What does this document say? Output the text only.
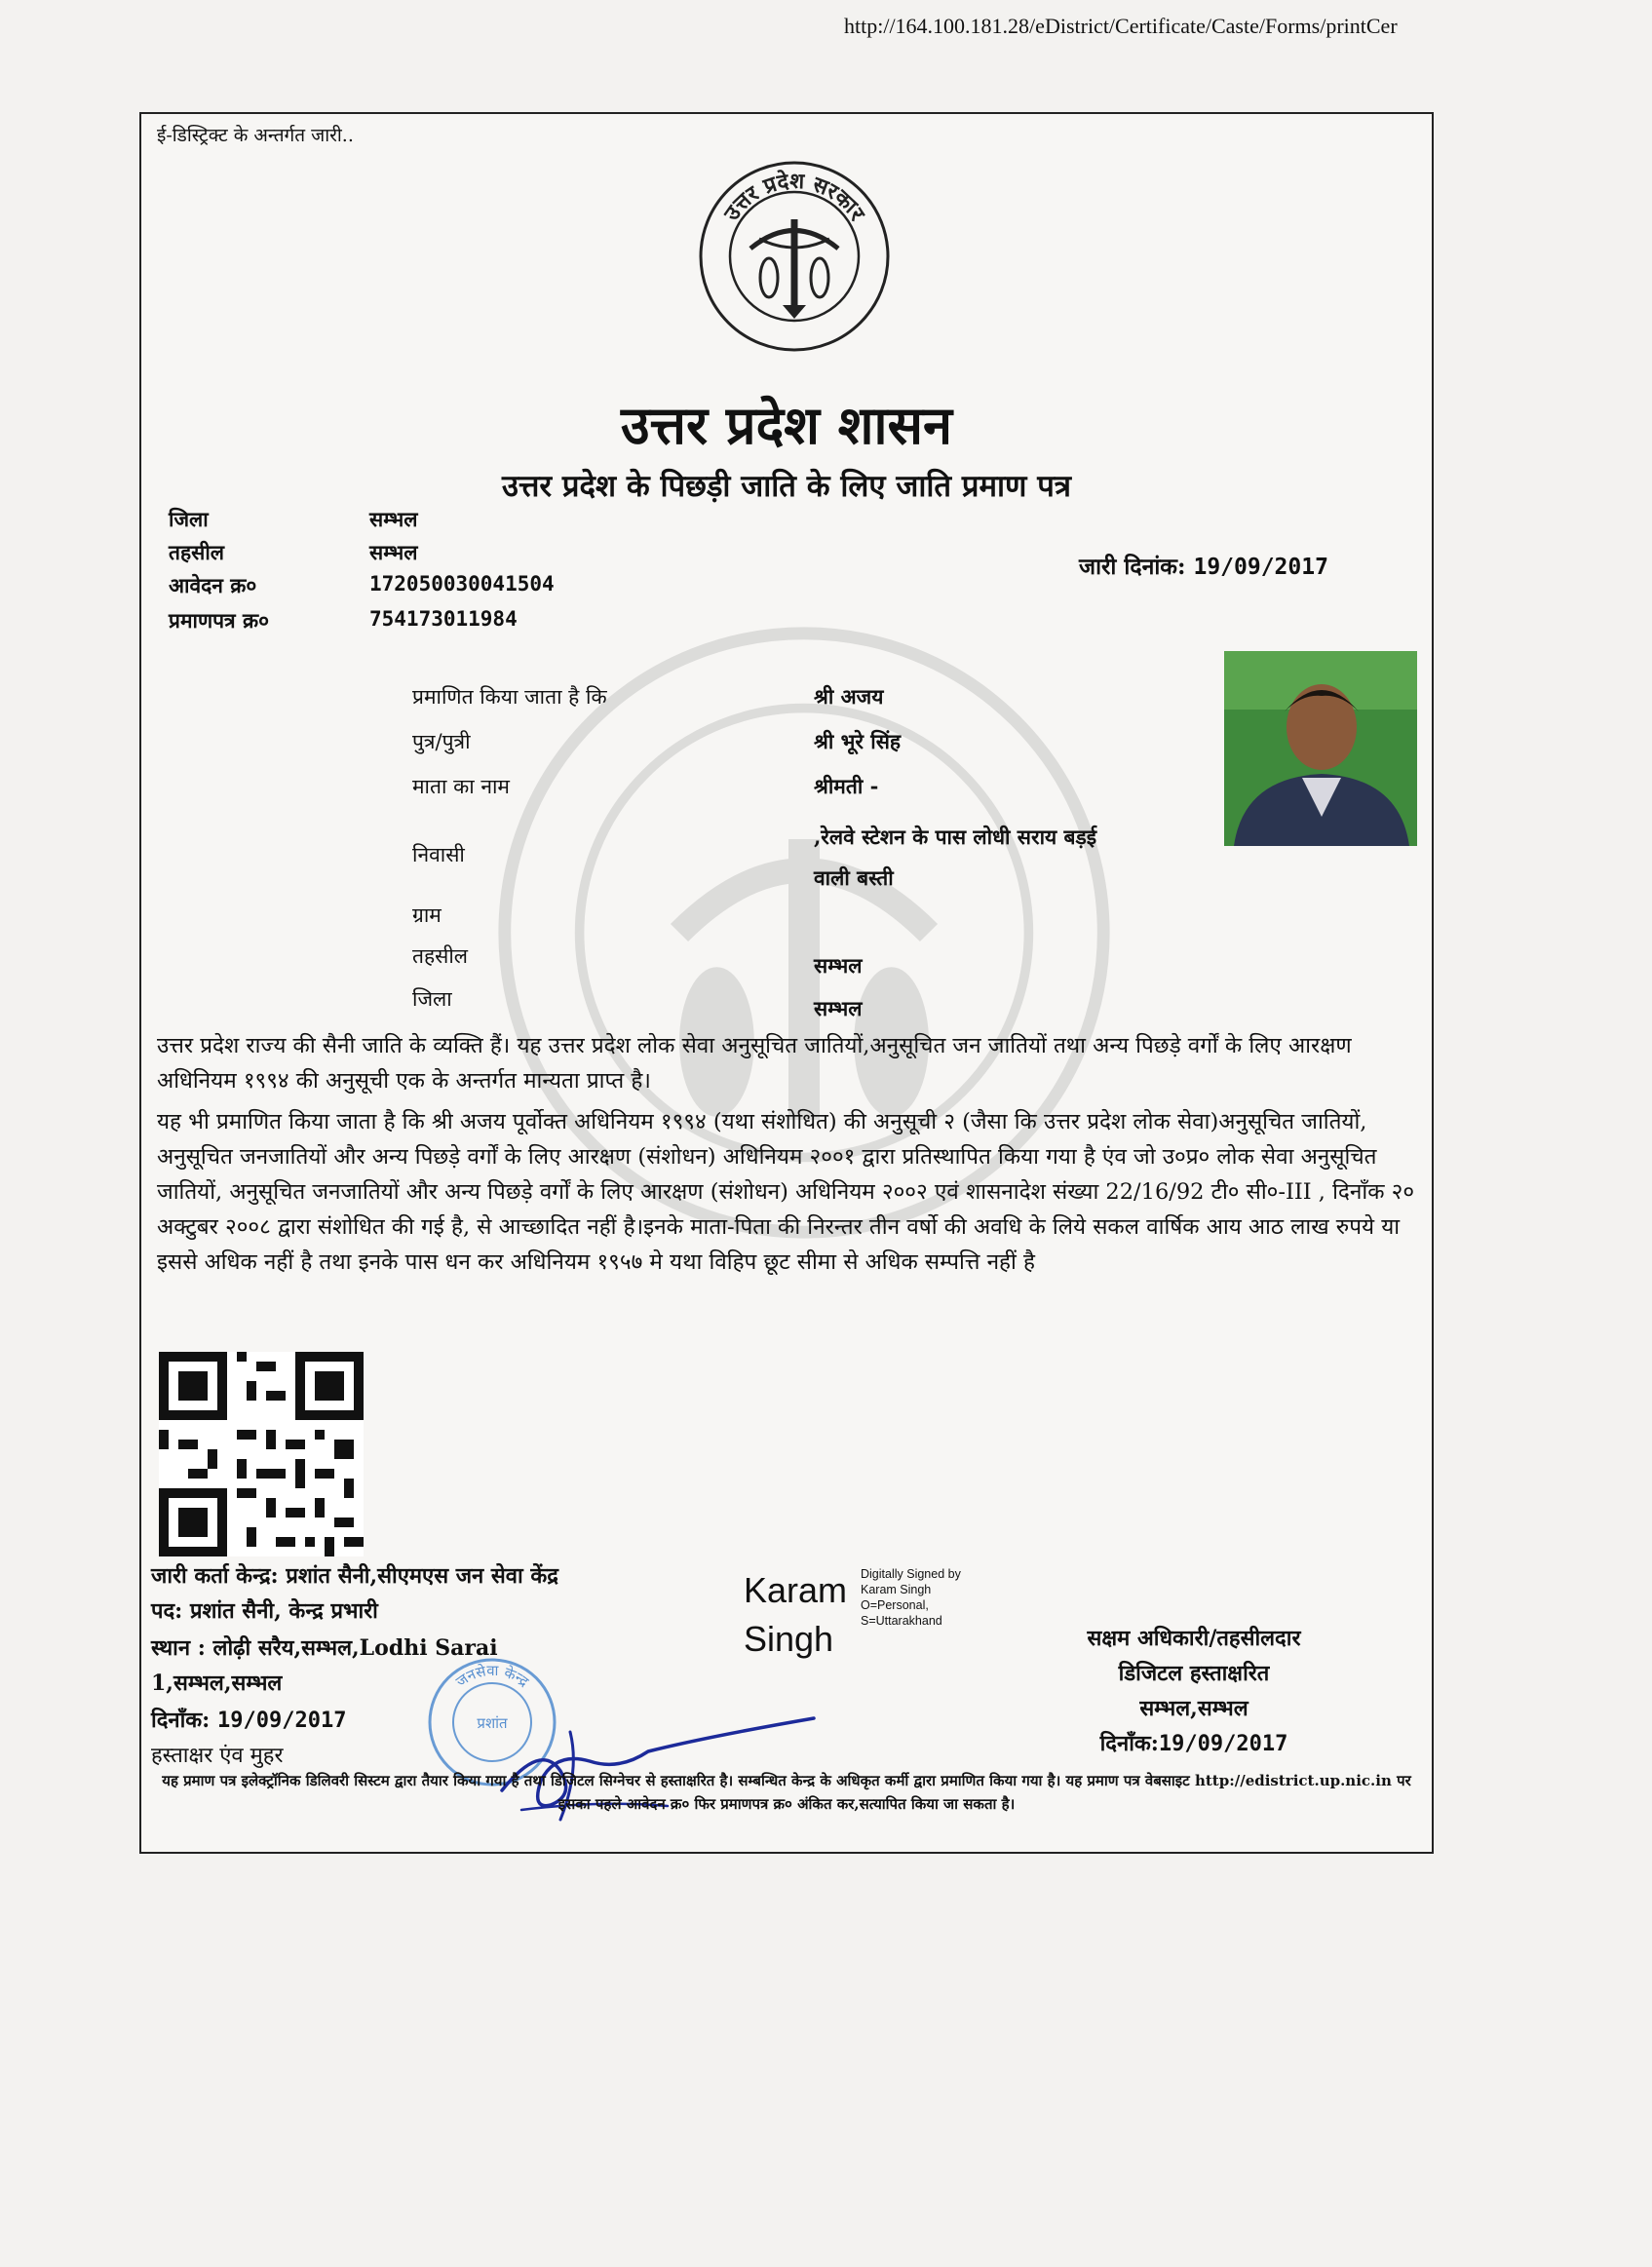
http://164.100.181.28/eDistrict/Certificate/Caste/Forms/printCer
ई-डिस्ट्रिक्ट के अन्तर्गत जारी..
उत्तर प्रदेश सरकार
उत्तर प्रदेश शासन
उत्तर प्रदेश के पिछड़ी जाति के लिए जाति प्रमाण पत्र
जिला	सम्भल
तहसील	सम्भल
आवेदन क्र०	172050030041504
प्रमाणपत्र क्र०	754173011984
जारी दिनांक: 19/09/2017
प्रमाणित किया जाता है कि	श्री अजय
पुत्र/पुत्री	श्री भूरे सिंह
माता का नाम	श्रीमती -
निवासी
,रेलवे स्टेशन के पास लोधी सराय बड़ई
वाली बस्ती
ग्राम
तहसील	सम्भल
जिला	सम्भल
उत्तर प्रदेश राज्य की सैनी जाति के व्यक्ति हैं। यह उत्तर प्रदेश लोक सेवा अनुसूचित जातियों,अनुसूचित जन जातियों तथा अन्य पिछड़े वर्गों के लिए आरक्षण अधिनियम १९९४ की अनुसूची एक के अन्तर्गत मान्यता प्राप्त है।
यह भी प्रमाणित किया जाता है कि श्री अजय पूर्वोक्त अधिनियम १९९४ (यथा संशोधित) की अनुसूची २ (जैसा कि उत्तर प्रदेश लोक सेवा)अनुसूचित जातियों, अनुसूचित जनजातियों और अन्य पिछड़े वर्गों के लिए आरक्षण (संशोधन) अधिनियम २००१ द्वारा प्रतिस्थापित किया गया है एंव जो उ०प्र० लोक सेवा अनुसूचित जातियों, अनुसूचित जनजातियों और अन्य पिछड़े वर्गों के लिए आरक्षण (संशोधन) अधिनियम २००२ एवं शासनादेश संख्या 22/16/92 टी० सी०-III , दिनाँक २० अक्टुबर २००८ द्वारा संशोधित की गई है, से आच्छादित नहीं है।इनके माता-पिता की निरन्तर तीन वर्षो की अवधि के लिये सकल वार्षिक आय आठ लाख रुपये या इससे अधिक नहीं है तथा इनके पास धन कर अधिनियम १९५७ मे यथा विहिप छूट सीमा से अधिक सम्पत्ति नहीं है
जारी कर्ता केन्द्र: प्रशांत सैनी,सीएमएस जन सेवा केंद्र
पद: प्रशांत सैनी, केन्द्र प्रभारी
स्थान : लोढ़ी सरैय,सम्भल,Lodhi Sarai
1,सम्भल,सम्भल
दिनाँक: 19/09/2017
हस्ताक्षर एंव मुहर
Karam
Singh
Digitally Signed by
Karam Singh
O=Personal,
S=Uttarakhand
सक्षम अधिकारी/तहसीलदार
डिजिटल हस्ताक्षरित
सम्भल,सम्भल
दिनाँक:19/09/2017
जनसेवा केन्द्र
प्रशांत
यह प्रमाण पत्र इलेक्ट्रॉनिक डिलिवरी सिस्टम द्वारा तैयार किया गया है तथा डिजिटल सिग्नेचर से हस्ताक्षरित है। सम्बन्धित केन्द्र के अधिकृत कर्मी द्वारा प्रमाणित किया गया है। यह प्रमाण पत्र वेबसाइट http://edistrict.up.nic.in पर इसका पहले आवेदन क्र० फिर प्रमाणपत्र क्र० अंकित कर,सत्यापित किया जा सकता है।
